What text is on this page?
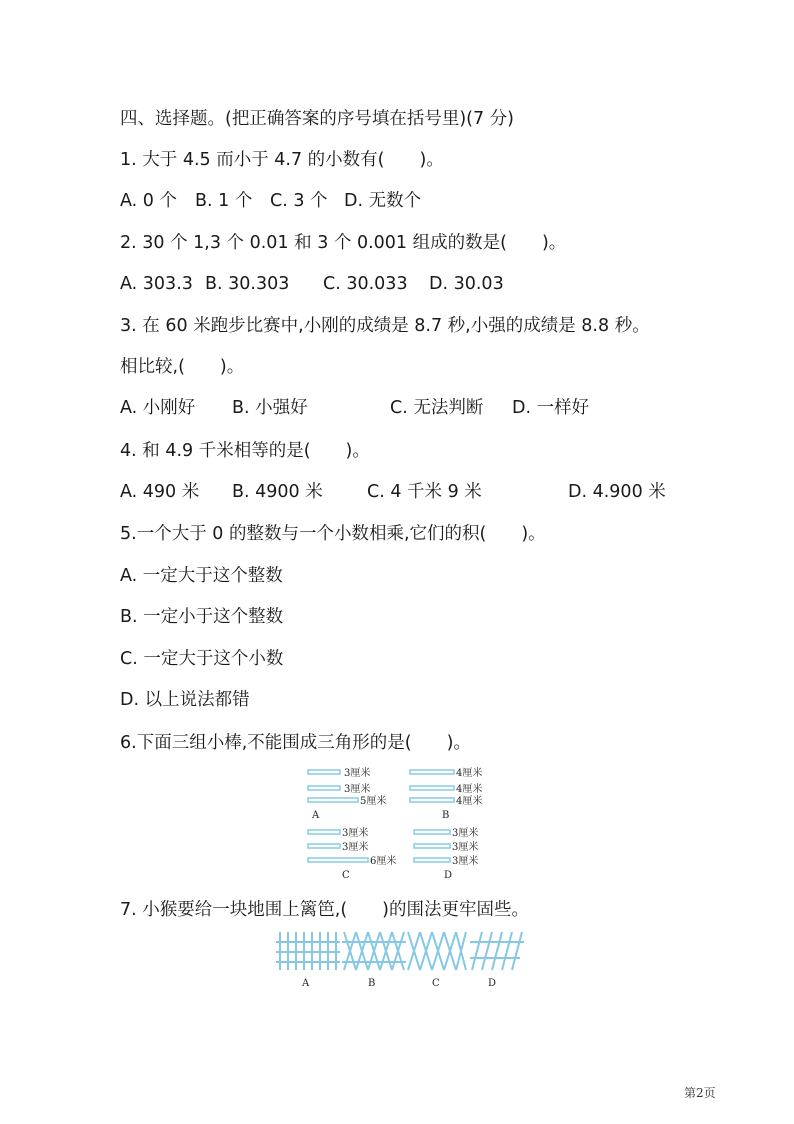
四、选择题。(把正确答案的序号填在括号里)(7 分)
1. 大于 4.5 而小于 4.7 的小数有(　　)。
A. 0 个 B. 1 个 C. 3 个 D. 无数个
2. 30 个 1,3 个 0.01 和 3 个 0.001 组成的数是(　　)。
A. 303.3 B. 30.303 C. 30.033 D. 30.03
3. 在 60 米跑步比赛中,小刚的成绩是 8.7 秒,小强的成绩是 8.8 秒。
相比较,(　　)。
A. 小刚好 B. 小强好	C. 无法判断 D. 一样好
4. 和 4.9 千米相等的是(　　)。
A. 490 米 B. 4900 米	C. 4 千米 9 米	D. 4.900 米
5.一个大于 0 的整数与一个小数相乘,它们的积(　　)。
A. 一定大于这个整数
B. 一定小于这个整数
C. 一定大于这个小数
D. 以上说法都错
6.下面三组小棒,不能围成三角形的是(　　)。
3厘米
3厘米
5厘米
A
4厘米
4厘米
4厘米
B
3厘米
3厘米
6厘米
C
3厘米
3厘米
3厘米
D
7. 小猴要给一块地围上篱笆,(　　)的围法更牢固些。
A	B	C	D
第2页
